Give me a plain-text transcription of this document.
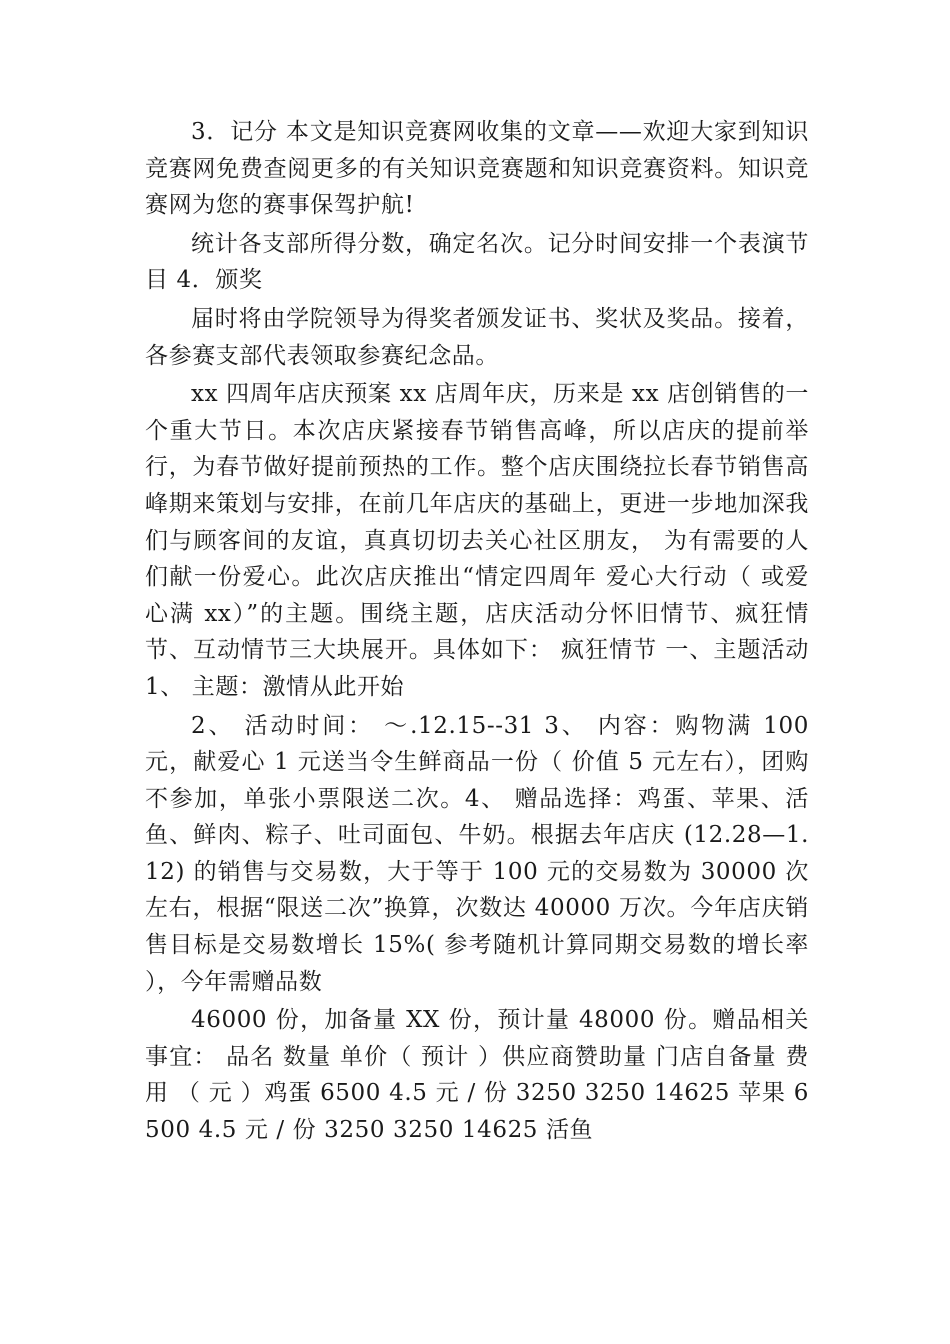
3．记分 本文是知识竞赛网收集的文章——欢迎大家到知识竞赛网免费查阅更多的有关知识竞赛题和知识竞赛资料。知识竞赛网为您的赛事保驾护航!

统计各支部所得分数，确定名次。记分时间安排一个表演节目 4．颁奖

届时将由学院领导为得奖者颁发证书、奖状及奖品。接着，各参赛支部代表领取参赛纪念品。

xx 四周年店庆预案 xx 店周年庆，历来是 xx 店创销售的一个重大节日。本次店庆紧接春节销售高峰，所以店庆的提前举行，为春节做好提前预热的工作。整个店庆围绕拉长春节销售高峰期来策划与安排，在前几年店庆的基础上，更进一步地加深我们与顾客间的友谊，真真切切去关心社区朋友， 为有需要的人们献一份爱心。此次店庆推出“情定四周年 爱心大行动（ 或爱心满 xx）”的主题。围绕主题，店庆活动分怀旧情节、疯狂情节、互动情节三大块展开。具体如下： 疯狂情节 一、主题活动 1、 主题：激情从此开始

2、 活动时间： ～.12.15--31 3、 内容：购物满 100 元，献爱心 1 元送当令生鲜商品一份（ 价值 5 元左右），团购不参加，单张小票限送二次。4、 赠品选择：鸡蛋、苹果、活鱼、鲜肉、粽子、吐司面包、牛奶。根据去年店庆 (12.28—1.12) 的销售与交易数，大于等于 100 元的交易数为 30000 次左右，根据“限送二次”换算，次数达 40000 万次。今年店庆销售目标是交易数增长 15%( 参考随机计算同期交易数的增长率 ），今年需赠品数

46000 份，加备量 XX 份，预计量 48000 份。赠品相关事宜： 品名 数量 单价（ 预计 ）供应商赞助量 门店自备量 费用 （ 元 ）鸡蛋 6500 4.5 元 / 份 3250 3250 14625 苹果 6500 4.5 元 / 份 3250 3250 14625 活鱼
